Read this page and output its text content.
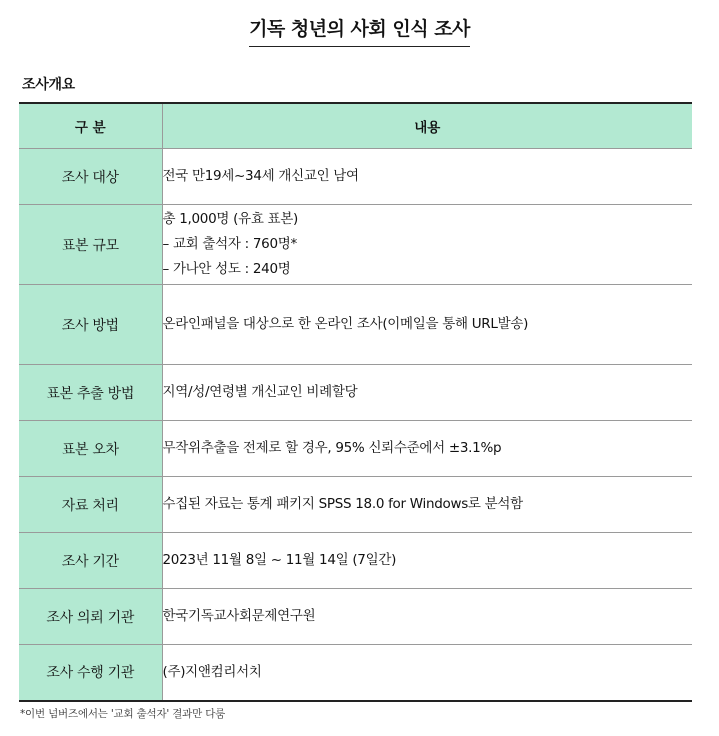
기독 청년의 사회 인식 조사
조사개요
구 분	내용
조사 대상	전국 만19세~34세 개신교인 남여

표본 규모	총 1,000명 (유효 표본)
– 교회 출석자 : 760명*
– 가나안 성도 : 240명

조사 방법	온라인패널을 대상으로 한 온라인 조사(이메일을 통해 URL발송)

표본 추출 방법	지역/성/연령별 개신교인 비례할당

표본 오차	무작위추출을 전제로 할 경우, 95% 신뢰수준에서 ±3.1%p

자료 처리	수집된 자료는 통계 패키지 SPSS 18.0 for Windows로 분석함

조사 기간	2023년 11월 8일 ~ 11월 14일 (7일간)

조사 의뢰 기관	한국기독교사회문제연구원

조사 수행 기관	(주)지앤컴리서치
*이번 넘버즈에서는 '교회 출석자' 결과만 다룸
